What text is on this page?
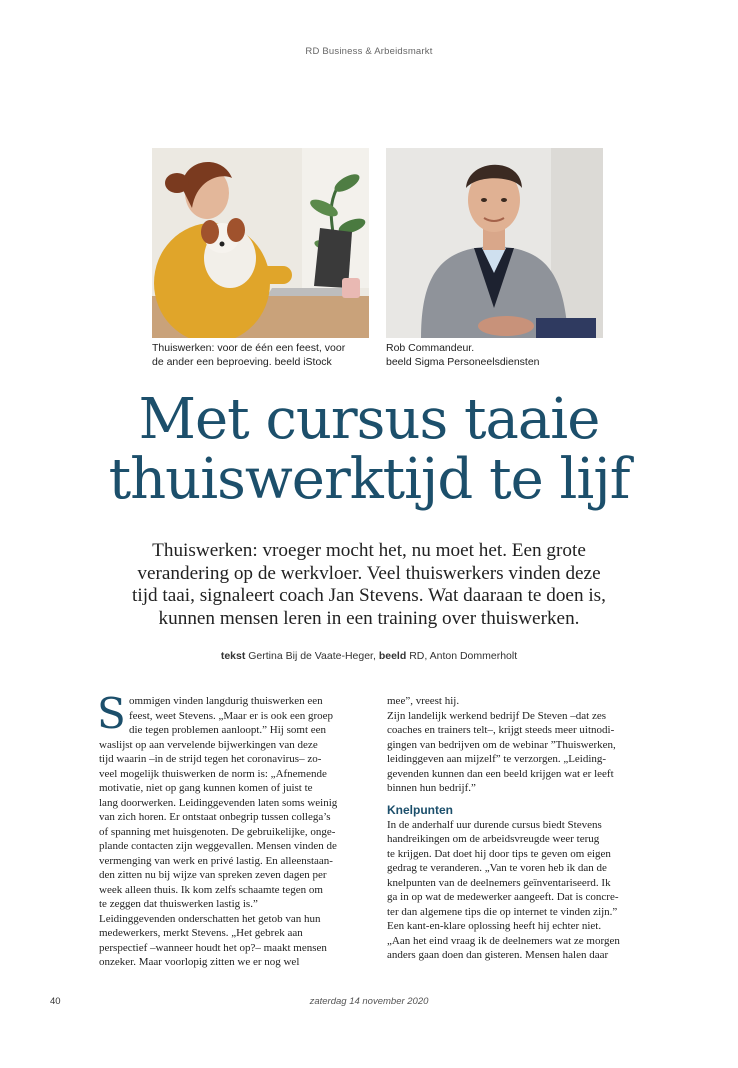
RD Business & Arbeidsmarkt
Thuiswerken: voor de één een feest, voor
de ander een beproeving. beeld iStock
Rob Commandeur.
beeld Sigma Personeelsdiensten
Met cursus taaie
thuiswerktijd te lijf
Thuiswerken: vroeger mocht het, nu moet het. Een grote
verandering op de werkvloer. Veel thuiswerkers vinden deze
tijd taai, signaleert coach Jan Stevens. Wat daaraan te doen is,
kunnen mensen leren in een training over thuiswerken.
tekst Gertina Bij de Vaate-Heger, beeld RD, Anton Dommerholt
S ommigen vinden langdurig thuiswerken een
feest, weet Stevens. „Maar er is ook een groep
die tegen problemen aanloopt.” Hij somt een
waslijst op aan vervelende bijwerkingen van deze
tijd waarin –in de strijd tegen het coronavirus– zo-
veel mogelijk thuiswerken de norm is: „Afnemende
motivatie, niet op gang kunnen komen of juist te
lang doorwerken. Leidinggevenden laten soms weinig
van zich horen. Er ontstaat onbegrip tussen collega’s
of spanning met huisgenoten. De gebruikelijke, onge-
plande contacten zijn weggevallen. Mensen vinden de
vermenging van werk en privé lastig. En alleenstaan-
den zitten nu bij wijze van spreken zeven dagen per
week alleen thuis. Ik kom zelfs schaamte tegen om
te zeggen dat thuiswerken lastig is.”
Leidinggevenden onderschatten het getob van hun
medewerkers, merkt Stevens. „Het gebrek aan
perspectief –wanneer houdt het op?– maakt mensen
onzeker. Maar voorlopig zitten we er nog wel
mee”, vreest hij.
Zijn landelijk werkend bedrijf De Steven –dat zes
coaches en trainers telt–, krijgt steeds meer uitnodi-
gingen van bedrijven om de webinar ”Thuiswerken,
leidinggeven aan mijzelf” te verzorgen. „Leiding-
gevenden kunnen dan een beeld krijgen wat er leeft
binnen hun bedrijf.”
Knelpunten
In de anderhalf uur durende cursus biedt Stevens
handreikingen om de arbeidsvreugde weer terug
te krijgen. Dat doet hij door tips te geven om eigen
gedrag te veranderen. „Van te voren heb ik dan de
knelpunten van de deelnemers geïnventariseerd. Ik
ga in op wat de medewerker aangeeft. Dat is concre-
ter dan algemene tips die op internet te vinden zijn.”
Een kant-en-klare oplossing heeft hij echter niet.
„Aan het eind vraag ik de deelnemers wat ze morgen
anders gaan doen dan gisteren. Mensen halen daar
40	zaterdag 14 november 2020
